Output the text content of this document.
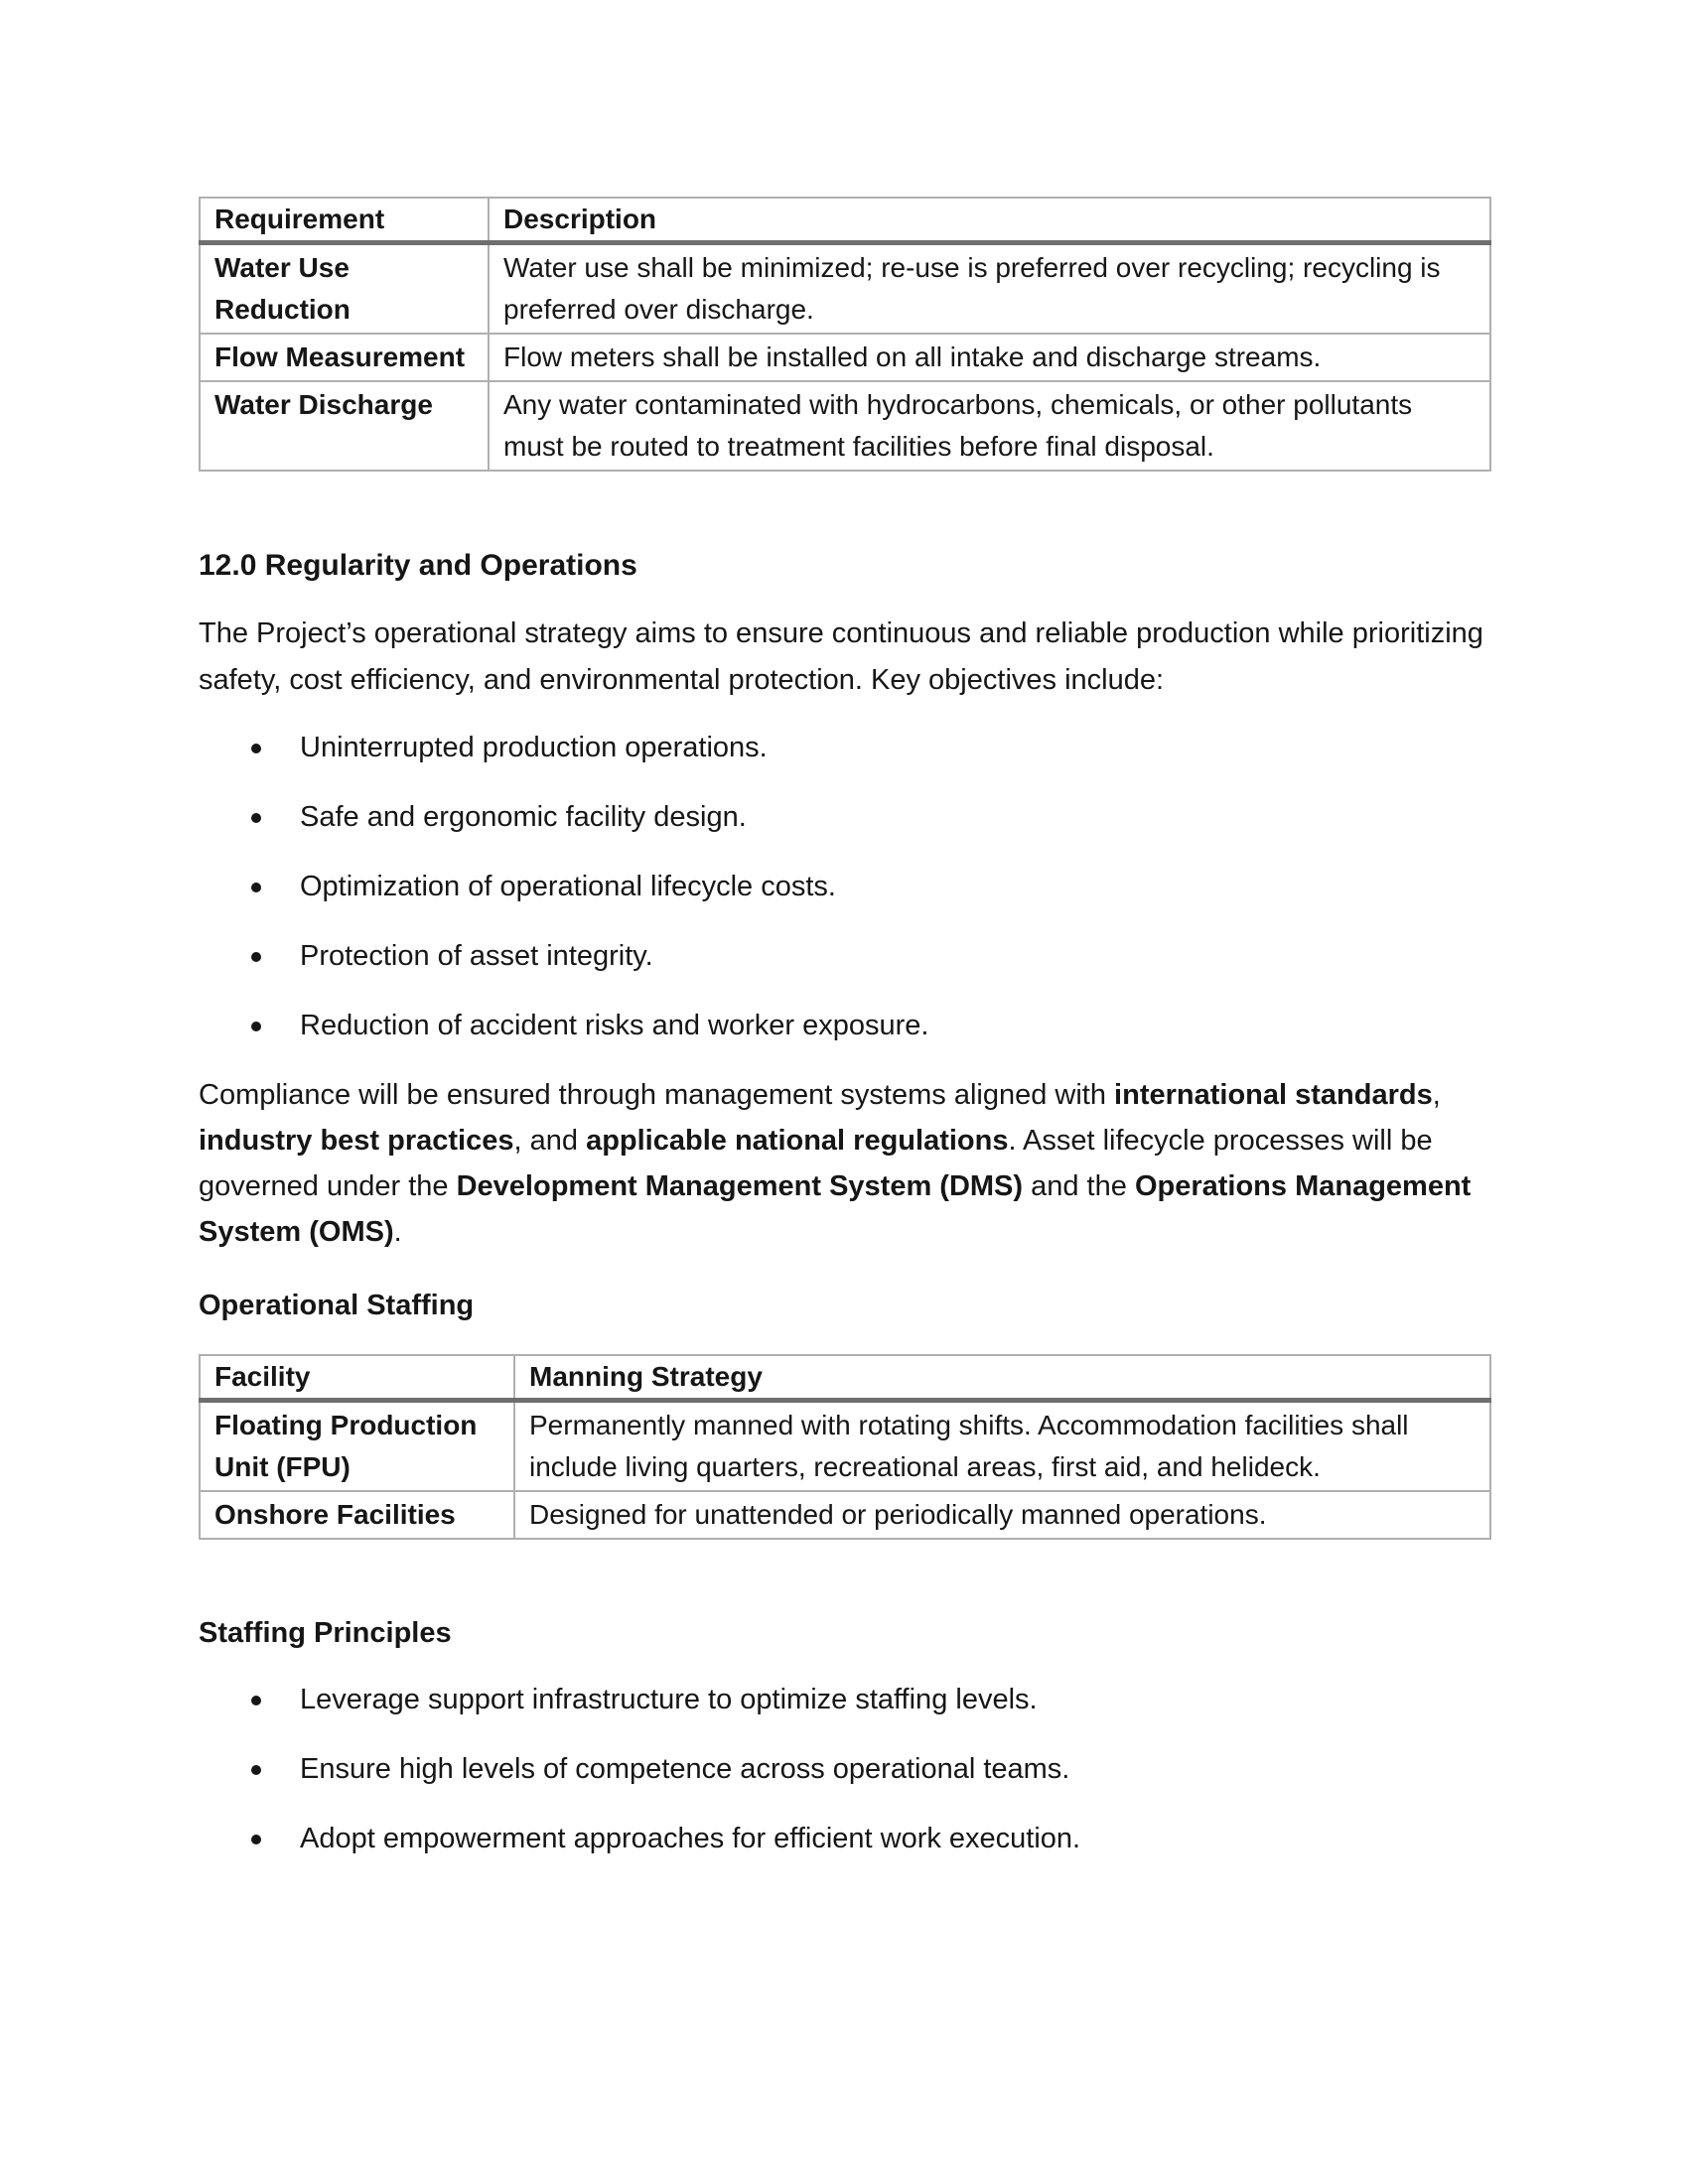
Requirement	Description
Water Use Reduction	Water use shall be minimized; re-use is preferred over recycling; recycling is preferred over discharge.
Flow Measurement	Flow meters shall be installed on all intake and discharge streams.
Water Discharge	Any water contaminated with hydrocarbons, chemicals, or other pollutants must be routed to treatment facilities before final disposal.
12.0 Regularity and Operations
The Project’s operational strategy aims to ensure continuous and reliable production while prioritizing safety, cost efficiency, and environmental protection. Key objectives include:
Uninterrupted production operations.
Safe and ergonomic facility design.
Optimization of operational lifecycle costs.
Protection of asset integrity.
Reduction of accident risks and worker exposure.
Compliance will be ensured through management systems aligned with international standards, industry best practices, and applicable national regulations. Asset lifecycle processes will be governed under the Development Management System (DMS) and the Operations Management System (OMS).
Operational Staffing
Facility	Manning Strategy
Floating Production Unit (FPU)	Permanently manned with rotating shifts. Accommodation facilities shall include living quarters, recreational areas, first aid, and helideck.
Onshore Facilities	Designed for unattended or periodically manned operations.
Staffing Principles
Leverage support infrastructure to optimize staffing levels.
Ensure high levels of competence across operational teams.
Adopt empowerment approaches for efficient work execution.
